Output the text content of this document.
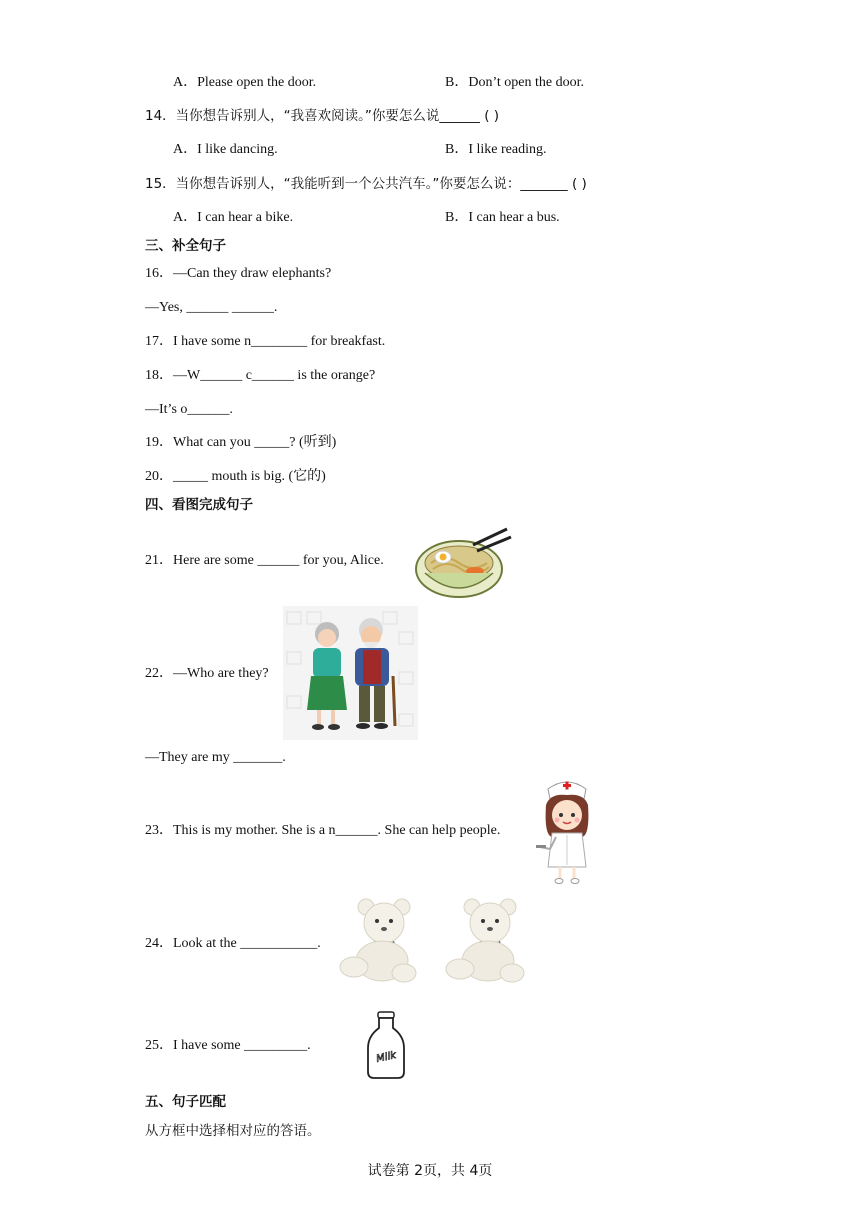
A．Please open the door.	B．Don’t open the door.
14．当你想告诉别人，“我喜欢阅读。”你要怎么说______ ( )
A．I like dancing.	B．I like reading.
15．当你想告诉别人，“我能听到一个公共汽车。”你要怎么说：_______ ( )
A．I can hear a bike.	B．I can hear a bus.
三、补全句子
16．—Can they draw elephants?
—Yes, ______ ______.
17．I have some n________ for breakfast.
18．—W______ c______ is the orange?
—It’s o______.
19．What can you _____? (听到)
20．_____ mouth is big. (它的)
四、看图完成句子
21．Here are some ______ for you, Alice.
22．—Who are they?
—They are my _______.
23．This is my mother. She is a n______. She can help people.
24．Look at the ___________.
25．I have some _________.
Milk
五、句子匹配
从方框中选择相对应的答语。
试卷第 2页，共 4页
